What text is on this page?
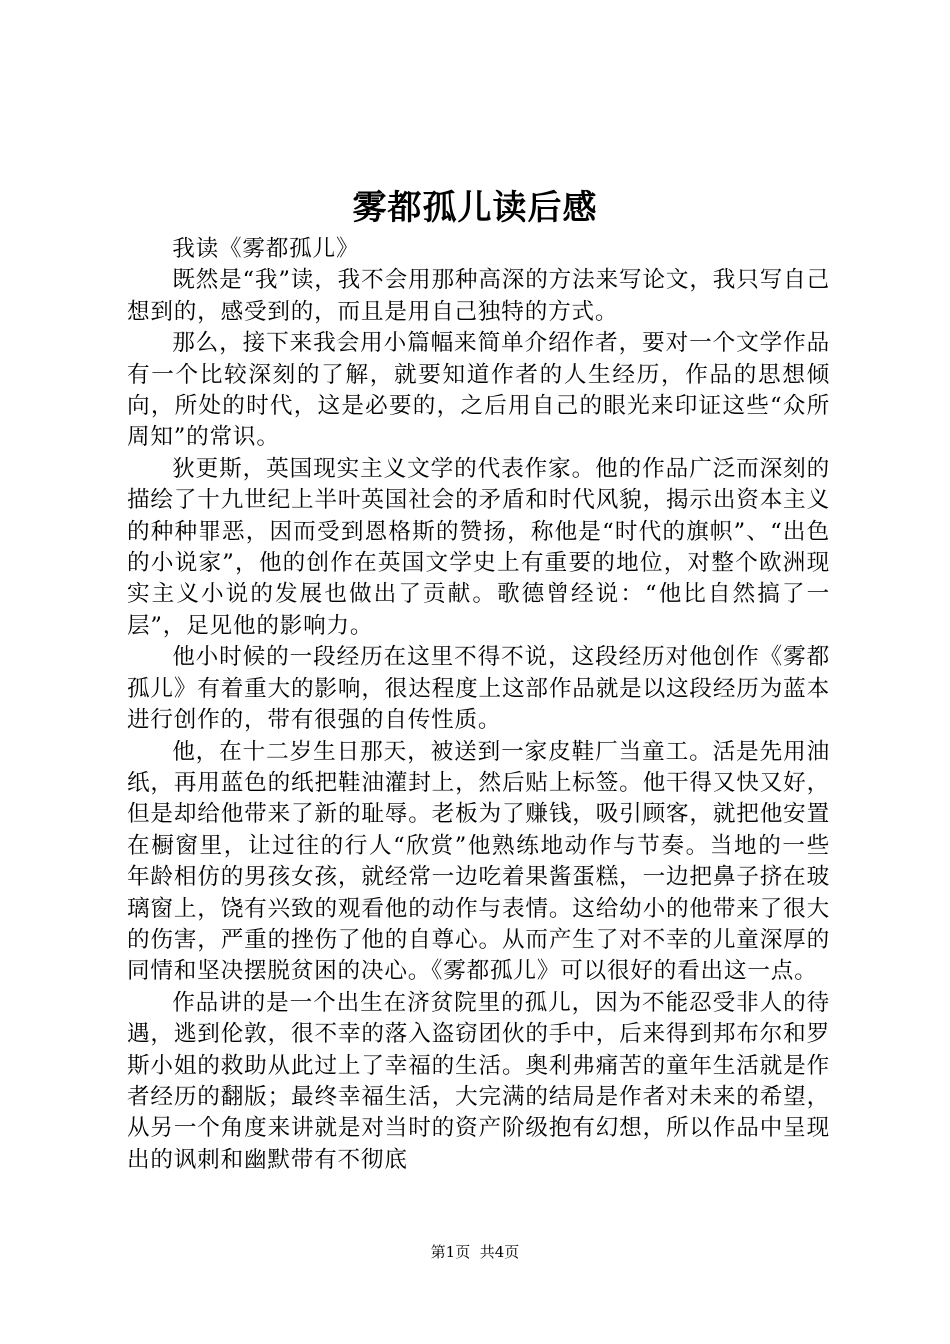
雾都孤儿读后感

我读《雾都孤儿》

既然是“我”读，我不会用那种高深的方法来写论文，我只写自己想到的，感受到的，而且是用自己独特的方式。

那么，接下来我会用小篇幅来简单介绍作者，要对一个文学作品有一个比较深刻的了解，就要知道作者的人生经历，作品的思想倾向，所处的时代，这是必要的，之后用自己的眼光来印证这些“众所周知”的常识。

狄更斯，英国现实主义文学的代表作家。他的作品广泛而深刻的描绘了十九世纪上半叶英国社会的矛盾和时代风貌，揭示出资本主义的种种罪恶，因而受到恩格斯的赞扬，称他是“时代的旗帜”、“出色的小说家”，他的创作在英国文学史上有重要的地位，对整个欧洲现实主义小说的发展也做出了贡献。歌德曾经说：“他比自然搞了一层”，足见他的影响力。

他小时候的一段经历在这里不得不说，这段经历对他创作《雾都孤儿》有着重大的影响，很达程度上这部作品就是以这段经历为蓝本进行创作的，带有很强的自传性质。

他，在十二岁生日那天，被送到一家皮鞋厂当童工。活是先用油纸，再用蓝色的纸把鞋油灌封上，然后贴上标签。他干得又快又好，但是却给他带来了新的耻辱。老板为了赚钱，吸引顾客，就把他安置在橱窗里，让过往的行人“欣赏”他熟练地动作与节奏。当地的一些年龄相仿的男孩女孩，就经常一边吃着果酱蛋糕，一边把鼻子挤在玻璃窗上，饶有兴致的观看他的动作与表情。这给幼小的他带来了很大的伤害，严重的挫伤了他的自尊心。从而产生了对不幸的儿童深厚的同情和坚决摆脱贫困的决心。《雾都孤儿》可以很好的看出这一点。

作品讲的是一个出生在济贫院里的孤儿，因为不能忍受非人的待遇，逃到伦敦，很不幸的落入盗窃团伙的手中，后来得到邦布尔和罗斯小姐的救助从此过上了幸福的生活。奥利弗痛苦的童年生活就是作者经历的翻版；最终幸福生活，大完满的结局是作者对未来的希望，从另一个角度来讲就是对当时的资产阶级抱有幻想，所以作品中呈现出的讽刺和幽默带有不彻底

第1页 共4页
